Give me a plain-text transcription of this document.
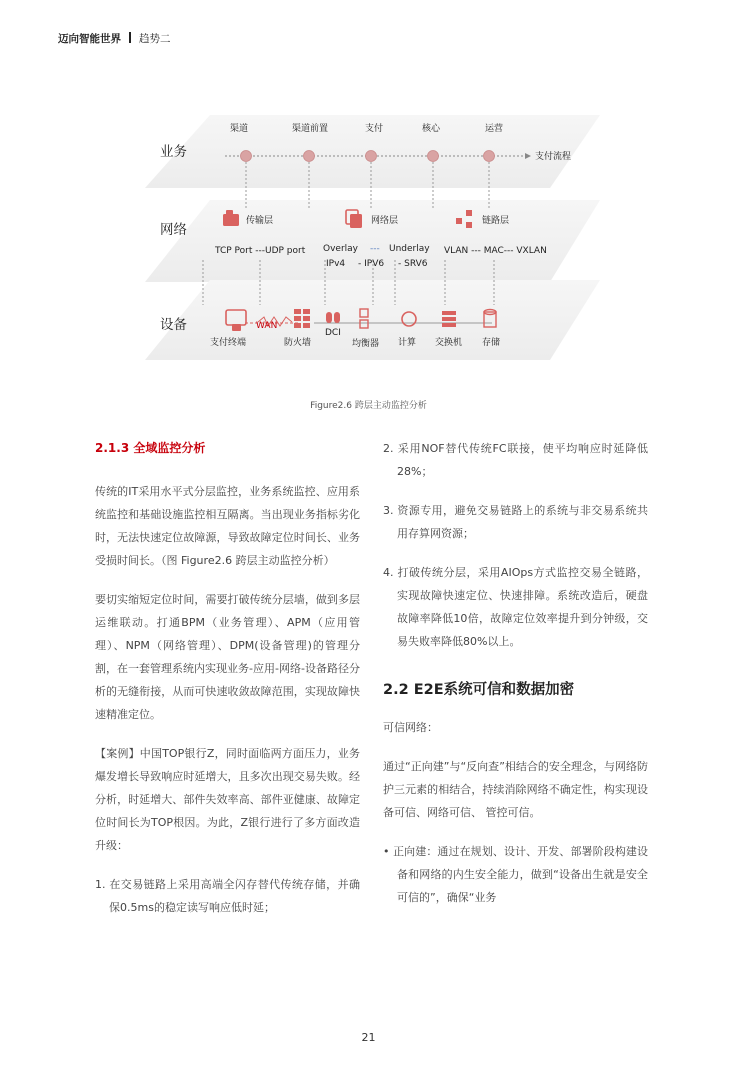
迈向智能世界 趋势二
业务
网络
设备
渠道	渠道前置	支付	核心	运营
支付流程
传输层	网络层	链路层
TCP Port ---UDP port Overlay
IPv4
---
- IPV6
Underlay
- SRV6
VLAN --- MAC--- VXLAN
支付终端	防火墙
DCI
均衡器 计算 交换机 存储
WAN
Figure2.6 跨层主动监控分析

2.1.3 全域监控分析

传统的IT采用水平式分层监控，业务系统监控、应用系统监控和基础设施监控相互隔离。当出现业务指标劣化时，无法快速定位故障源，导致故障定位时间长、业务受损时间长。（图 Figure2.6 跨层主动监控分析）

要切实缩短定位时间，需要打破传统分层墙，做到多层运维联动。打通BPM（业务管理）、APM（应用管理）、NPM（网络管理）、DPM(设备管理)的管理分割，在一套管理系统内实现业务-应用-网络-设备路径分析的无缝衔接，从而可快速收敛故障范围，实现故障快速精准定位。

【案例】中国TOP银行Z，同时面临两方面压力，业务爆发增长导致响应时延增大，且多次出现交易失败。经分析，时延增大、部件失效率高、部件亚健康、故障定位时间长为TOP根因。为此，Z银行进行了多方面改造升级：

1. 在交易链路上采用高端全闪存替代传统存储，并确保0.5ms的稳定读写响应低时延；

2. 采用NOF替代传统FC联接，使平均响应时延降低28%；

3. 资源专用，避免交易链路上的系统与非交易系统共用存算网资源；

4. 打破传统分层，采用AIOps方式监控交易全链路，实现故障快速定位、快速排障。系统改造后，硬盘故障率降低10倍，故障定位效率提升到分钟级，交易失败率降低80%以上。

2.2 E2E系统可信和数据加密

可信网络：

通过“正向建”与“反向查”相结合的安全理念，与网络防护三元素的相结合，持续消除网络不确定性，构实现设备可信、网络可信、 管控可信。

• 正向建：通过在规划、设计、开发、部署阶段构建设备和网络的内生安全能力，做到“设备出生就是安全可信的”，确保“业务

21
